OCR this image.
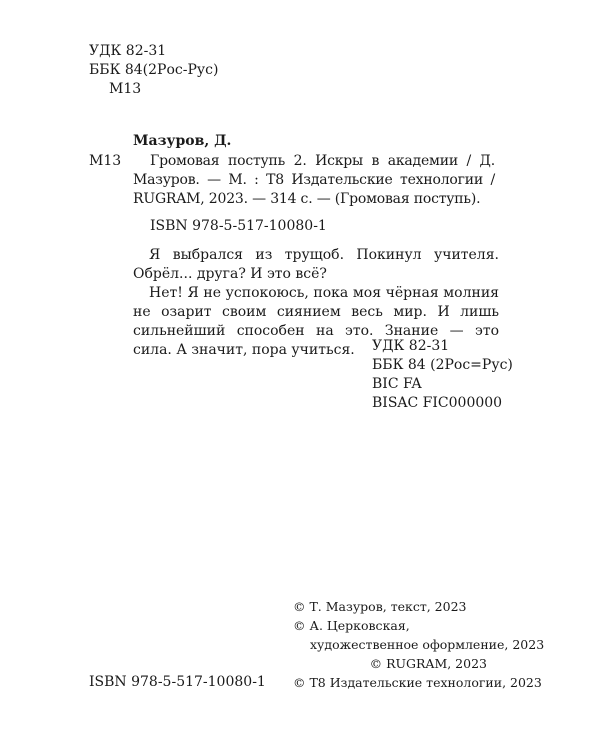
УДК 82-31
ББК 84(2Рос-Рус)
М13
Мазуров, Д.
М13	Громовая поступь 2. Искры в академии / Д. Мазуров. — М. : Т8 Издательские технологии / RUGRAM, 2023. — 314 с. — (Громовая поступь).
ISBN 978-5-517-10080-1
Я выбрался из трущоб. Покинул учителя. Обрёл... друга? И это всё?
Нет! Я не успокоюсь, пока моя чёрная молния не озарит своим сиянием весь мир. И лишь сильнейший способен на это. Знание — это сила. А значит, пора учиться.	УДК 82-31
ББК 84 (2Рос=Рус)
BIC FA
BISAC FIC000000
© Т. Мазуров, текст, 2023
© А. Церковская,
художественное оформление, 2023
© RUGRAM, 2023
© Т8 Издательские технологии, 2023
ISBN 978-5-517-10080-1
